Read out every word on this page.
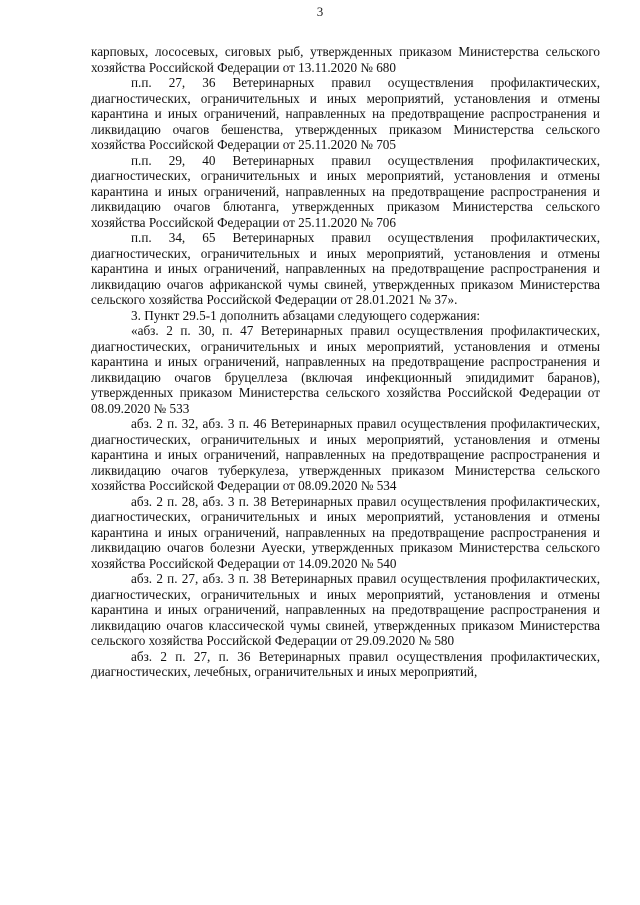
3

карповых, лососевых, сиговых рыб, утвержденных приказом Министерства сельского хозяйства Российской Федерации от 13.11.2020 № 680

п.п. 27, 36 Ветеринарных правил осуществления профилактических, диагностических, ограничительных и иных мероприятий, установления и отмены карантина и иных ограничений, направленных на предотвращение распространения и ликвидацию очагов бешенства, утвержденных приказом Министерства сельского хозяйства Российской Федерации от 25.11.2020 № 705

п.п. 29, 40 Ветеринарных правил осуществления профилактических, диагностических, ограничительных и иных мероприятий, установления и отмены карантина и иных ограничений, направленных на предотвращение распространения и ликвидацию очагов блютанга, утвержденных приказом Министерства сельского хозяйства Российской Федерации от 25.11.2020 № 706

п.п. 34, 65 Ветеринарных правил осуществления профилактических, диагностических, ограничительных и иных мероприятий, установления и отмены карантина и иных ограничений, направленных на предотвращение распространения и ликвидацию очагов африканской чумы свиней, утвержденных приказом Министерства сельского хозяйства Российской Федерации от 28.01.2021 № 37».

3. Пункт 29.5-1 дополнить абзацами следующего содержания:

«абз. 2 п. 30, п. 47 Ветеринарных правил осуществления профилактических, диагностических, ограничительных и иных мероприятий, установления и отмены карантина и иных ограничений, направленных на предотвращение распространения и ликвидацию очагов бруцеллеза (включая инфекционный эпидидимит баранов), утвержденных приказом Министерства сельского хозяйства Российской Федерации от 08.09.2020 № 533

абз. 2 п. 32, абз. 3 п. 46 Ветеринарных правил осуществления профилактических, диагностических, ограничительных и иных мероприятий, установления и отмены карантина и иных ограничений, направленных на предотвращение распространения и ликвидацию очагов туберкулеза, утвержденных приказом Министерства сельского хозяйства Российской Федерации от 08.09.2020 № 534

абз. 2 п. 28, абз. 3 п. 38 Ветеринарных правил осуществления профилактических, диагностических, ограничительных и иных мероприятий, установления и отмены карантина и иных ограничений, направленных на предотвращение распространения и ликвидацию очагов болезни Ауески, утвержденных приказом Министерства сельского хозяйства Российской Федерации от 14.09.2020 № 540

абз. 2 п. 27, абз. 3 п. 38 Ветеринарных правил осуществления профилактических, диагностических, ограничительных и иных мероприятий, установления и отмены карантина и иных ограничений, направленных на предотвращение распространения и ликвидацию очагов классической чумы свиней, утвержденных приказом Министерства сельского хозяйства Российской Федерации от 29.09.2020 № 580

абз. 2 п. 27, п. 36 Ветеринарных правил осуществления профилактических, диагностических, лечебных, ограничительных и иных мероприятий,
